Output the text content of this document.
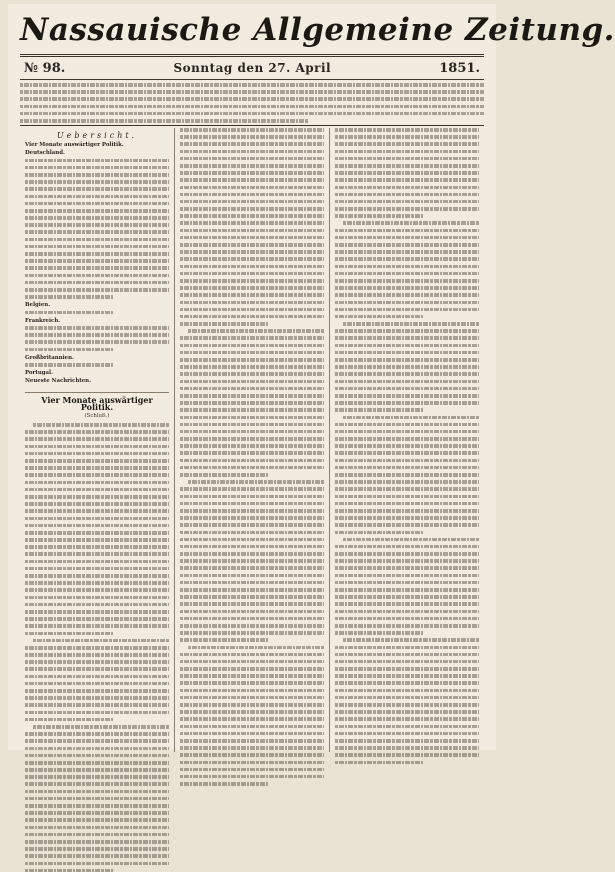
Nassauische Allgemeine Zeitung.
№ 98.	Sonntag den 27. April	1851.
Uebersicht.
Vier Monate auswärtiger Politik.
Deutschland.
Belgien.
Frankreich.
Großbritannien.
Portugal.
Neueste Nachrichten.
Vier Monate auswärtiger Politik.
(Schluß.)
